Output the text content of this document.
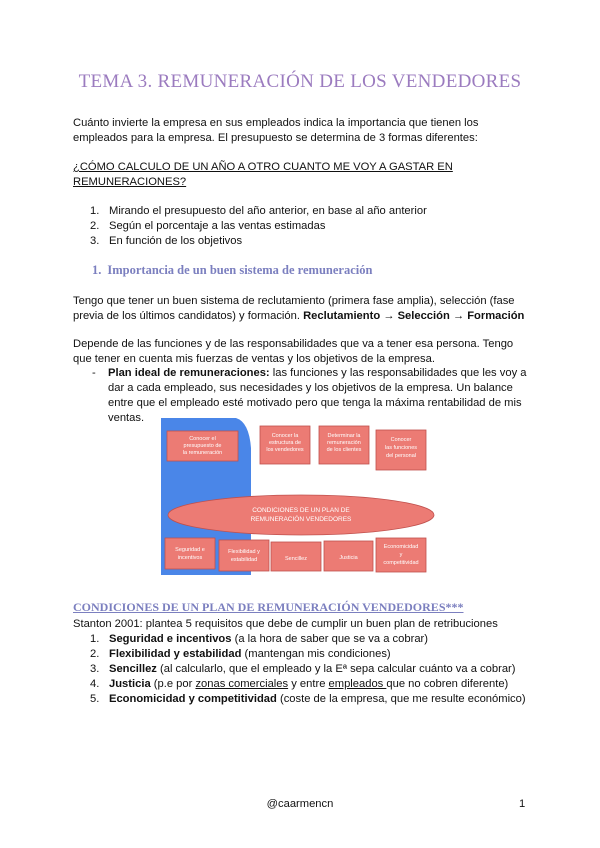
TEMA 3. REMUNERACIÓN DE LOS VENDEDORES
Cuánto invierte la empresa en sus empleados indica la importancia que tienen los
empleados para la empresa. El presupuesto se determina de 3 formas diferentes:
¿CÓMO CALCULO DE UN AÑO A OTRO CUANTO ME VOY A GASTAR EN
REMUNERACIONES?
1. Mirando el presupuesto del año anterior, en base al año anterior
2. Según el porcentaje a las ventas estimadas
3. En función de los objetivos
1. Importancia de un buen sistema de remuneración
Tengo que tener un buen sistema de reclutamiento (primera fase amplia), selección (fase
previa de los últimos candidatos) y formación. Reclutamiento → Selección → Formación
Depende de las funciones y de las responsabilidades que va a tener esa persona. Tengo
que tener en cuenta mis fuerzas de ventas y los objetivos de la empresa.
- Plan ideal de remuneraciones: las funciones y las responsabilidades que les voy a
dar a cada empleado, sus necesidades y los objetivos de la empresa. Un balance
entre que el empleado esté motivado pero que tenga la máxima rentabilidad de mis
ventas.
CONDICIONES DE UN PLAN DE
REMUNERACIÓN VENDEDORES
Conocer el
presupuesto de
la remuneración
Conocer la
estructura de
los vendedores
Determinar la
remuneración
de los clientes
Conocer
las funciones
del personal
Seguridad e
incentivos
Flexibilidad y
estabilidad	Sencillez	Justicia
Economicidad
y
competitividad
CONDICIONES DE UN PLAN DE REMUNERACIÓN VENDEDORES***
Stanton 2001: plantea 5 requisitos que debe de cumplir un buen plan de retribuciones
1. Seguridad e incentivos (a la hora de saber que se va a cobrar)
2. Flexibilidad y estabilidad (mantengan mis condiciones)
3. Sencillez (al calcularlo, que el empleado y la Eª sepa calcular cuánto va a cobrar)
4. Justicia (p.e por zonas comerciales y entre empleados que no cobren diferente)
5. Economicidad y competitividad (coste de la empresa, que me resulte económico)
@caarmencn	1
